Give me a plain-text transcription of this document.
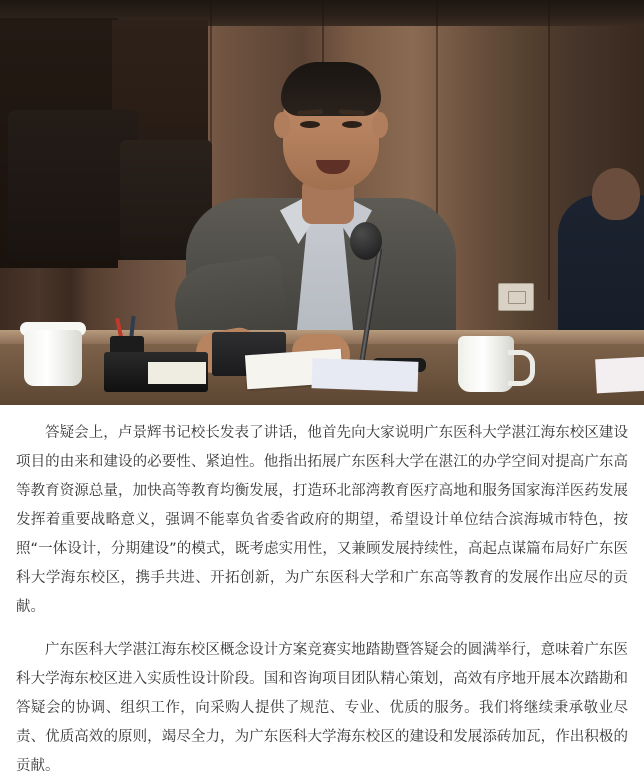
答疑会上，卢景辉书记校长发表了讲话，他首先向大家说明广东医科大学湛江海东校区建设项目的由来和建设的必要性、紧迫性。他指出拓展广东医科大学在湛江的办学空间对提高广东高等教育资源总量，加快高等教育均衡发展，打造环北部湾教育医疗高地和服务国家海洋医药发展发挥着重要战略意义，强调不能辜负省委省政府的期望，希望设计单位结合滨海城市特色，按照“一体设计，分期建设”的模式，既考虑实用性，又兼顾发展持续性，高起点谋篇布局好广东医科大学海东校区，携手共进、开拓创新，为广东医科大学和广东高等教育的发展作出应尽的贡献。

广东医科大学湛江海东校区概念设计方案竞赛实地踏勘暨答疑会的圆满举行，意味着广东医科大学海东校区进入实质性设计阶段。国和咨询项目团队精心策划，高效有序地开展本次踏勘和答疑会的协调、组织工作，向采购人提供了规范、专业、优质的服务。我们将继续秉承敬业尽责、优质高效的原则，竭尽全力，为广东医科大学海东校区的建设和发展添砖加瓦，作出积极的贡献。
